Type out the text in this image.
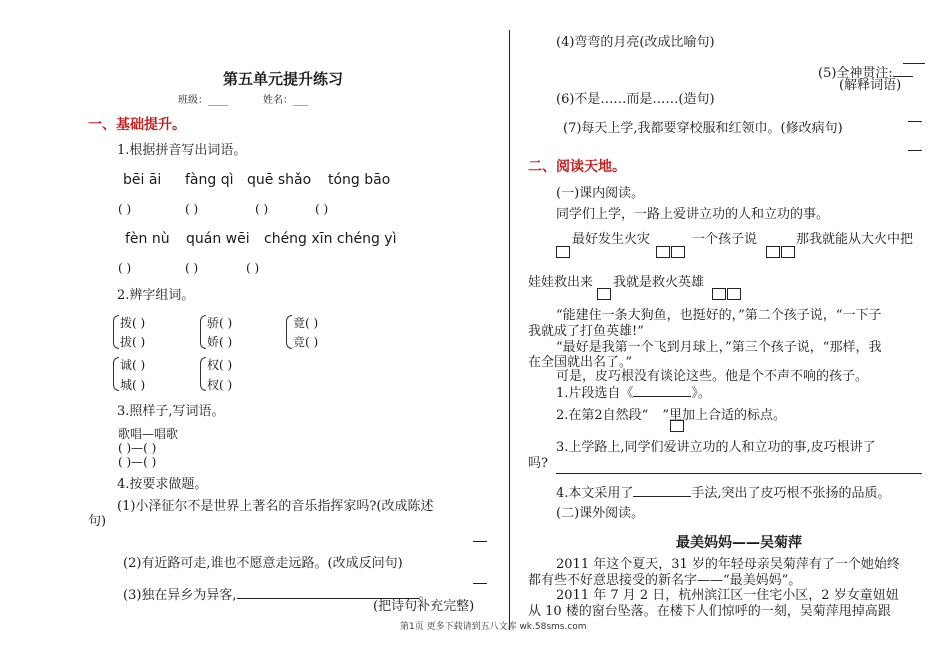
第五单元提升练习
班级：____	姓名：___
一、基础提升。
1.根据拼音写出词语。
bēi āi fàng qì quē shǎo tóng bāo
( )	( )	( )	( )
fèn nù quán wēi chéng xīn chéng yì
( )	( )	( )
2.辨字组词。
拨( )
拔( )
骄( )
娇( )
竟( )
竞( )
诚( )
城( )
权( )
杈( )
3.照样子,写词语。
歌唱—唱歌
( )—( )
( )—( )
4.按要求做题。
(1)小泽征尔不是世界上著名的音乐指挥家吗?(改成陈述
句)
(2)有近路可走,谁也不愿意走远路。(改成反问句)
(3)独在异乡为异客,	。
(把诗句补充完整)
(4)弯弯的月亮(改成比喻句)
(5)全神贯注:
(解释词语)
(6)不是……而是……(造句)
(7)每天上学,我都要穿校服和红领巾。(修改病句)
二、阅读天地。
(一)课内阅读。
同学们上学，一路上爱讲立功的人和立功的事。
最好发生火灾	一个孩子说	那我就能从大火中把
娃娃救出来 我就是救火英雄
“能建住一条大狗鱼，也挺好的，”第二个孩子说，“一下子
我就成了打鱼英雄!”
“最好是我第一个飞到月球上，”第三个孩子说，“那样，我
在全国就出名了。”
可是，皮巧根没有谈论这些。他是个不声不响的孩子。
1.片段选自《	》。
2.在第2自然段“ ”里加上合适的标点。
3.上学路上,同学们爱讲立功的人和立功的事,皮巧根讲了
吗?
4.本文采用了	手法,突出了皮巧根不张扬的品质。
(二)课外阅读。
最美妈妈——吴菊萍
2011 年这个夏天，31 岁的年轻母亲吴菊萍有了一个她始终
都有些不好意思接受的新名字——“最美妈妈”。
2011 年 7 月 2 日，杭州滨江区一住宅小区，2 岁女童妞妞
从 10 楼的窗台坠落。在楼下人们惊呼的一刻，吴菊萍甩掉高跟
第1页 更多下载请到五八文库 wk.58sms.com
